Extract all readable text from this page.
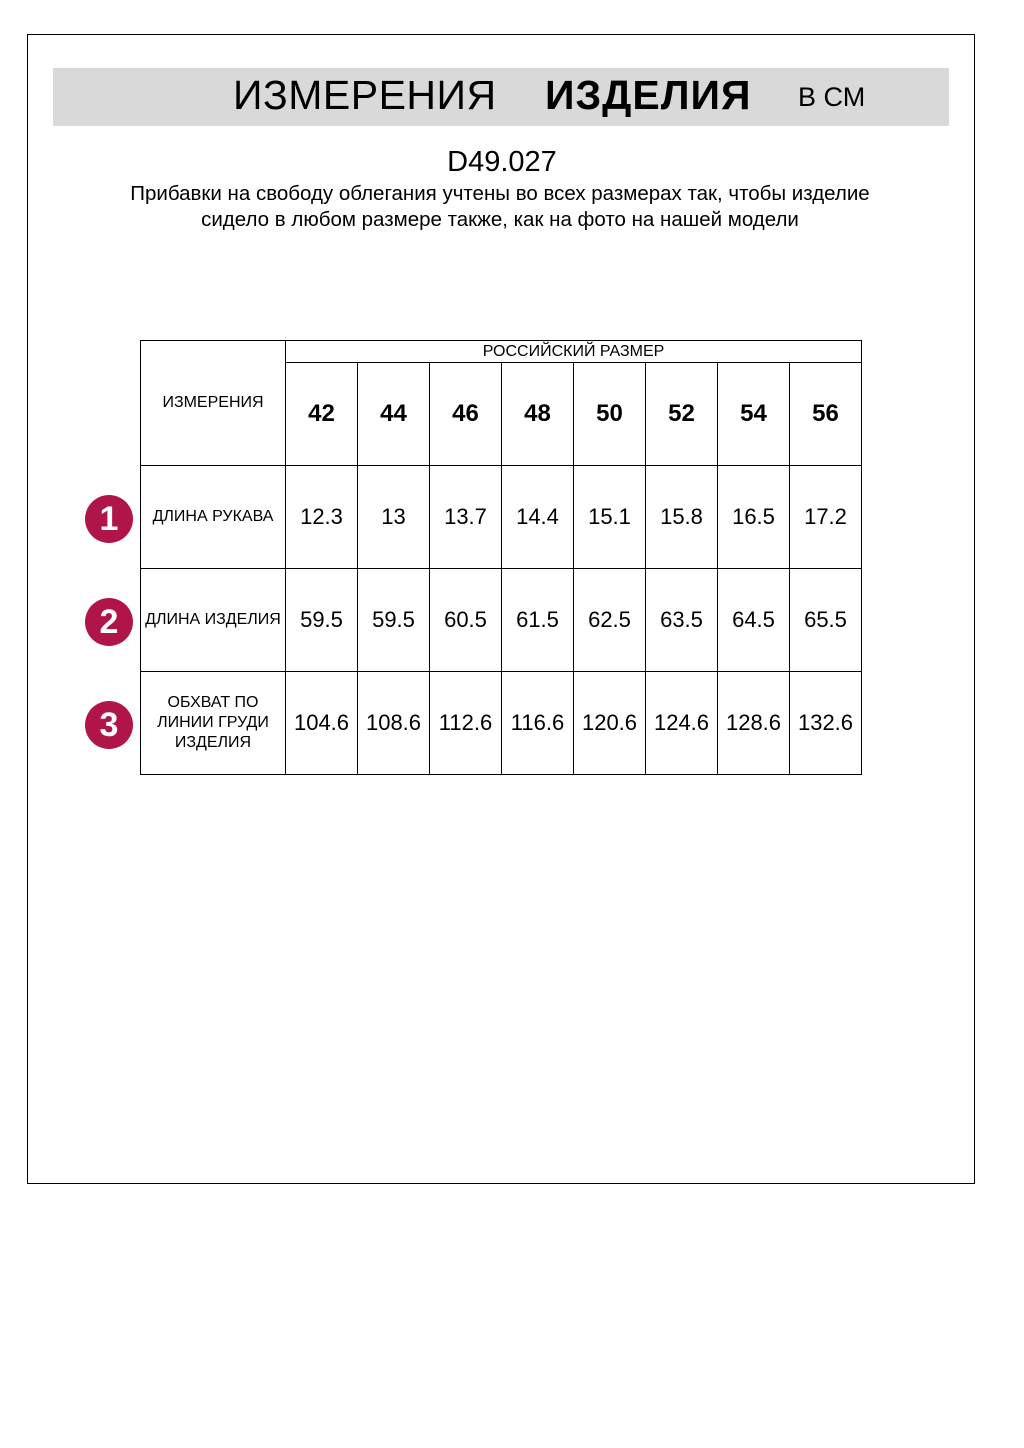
ИЗМЕРЕНИЯ ИЗДЕЛИЯ В СМ
D49.027
Прибавки на свободу облегания учтены во всех размерах так, чтобы изделие сидело в любом размере также, как на фото на нашей модели
ИЗМЕРЕНИЯ	РОССИЙСКИЙ РАЗМЕР							
	42	44	46	48	50	52	54	56
ДЛИНА РУКАВА	12.3	13	13.7	14.4	15.1	15.8	16.5	17.2
ДЛИНА ИЗДЕЛИЯ	59.5	59.5	60.5	61.5	62.5	63.5	64.5	65.5
ОБХВАТ ПО ЛИНИИ ГРУДИ ИЗДЕЛИЯ	104.6	108.6	112.6	116.6	120.6	124.6	128.6	132.6
1
2
3
